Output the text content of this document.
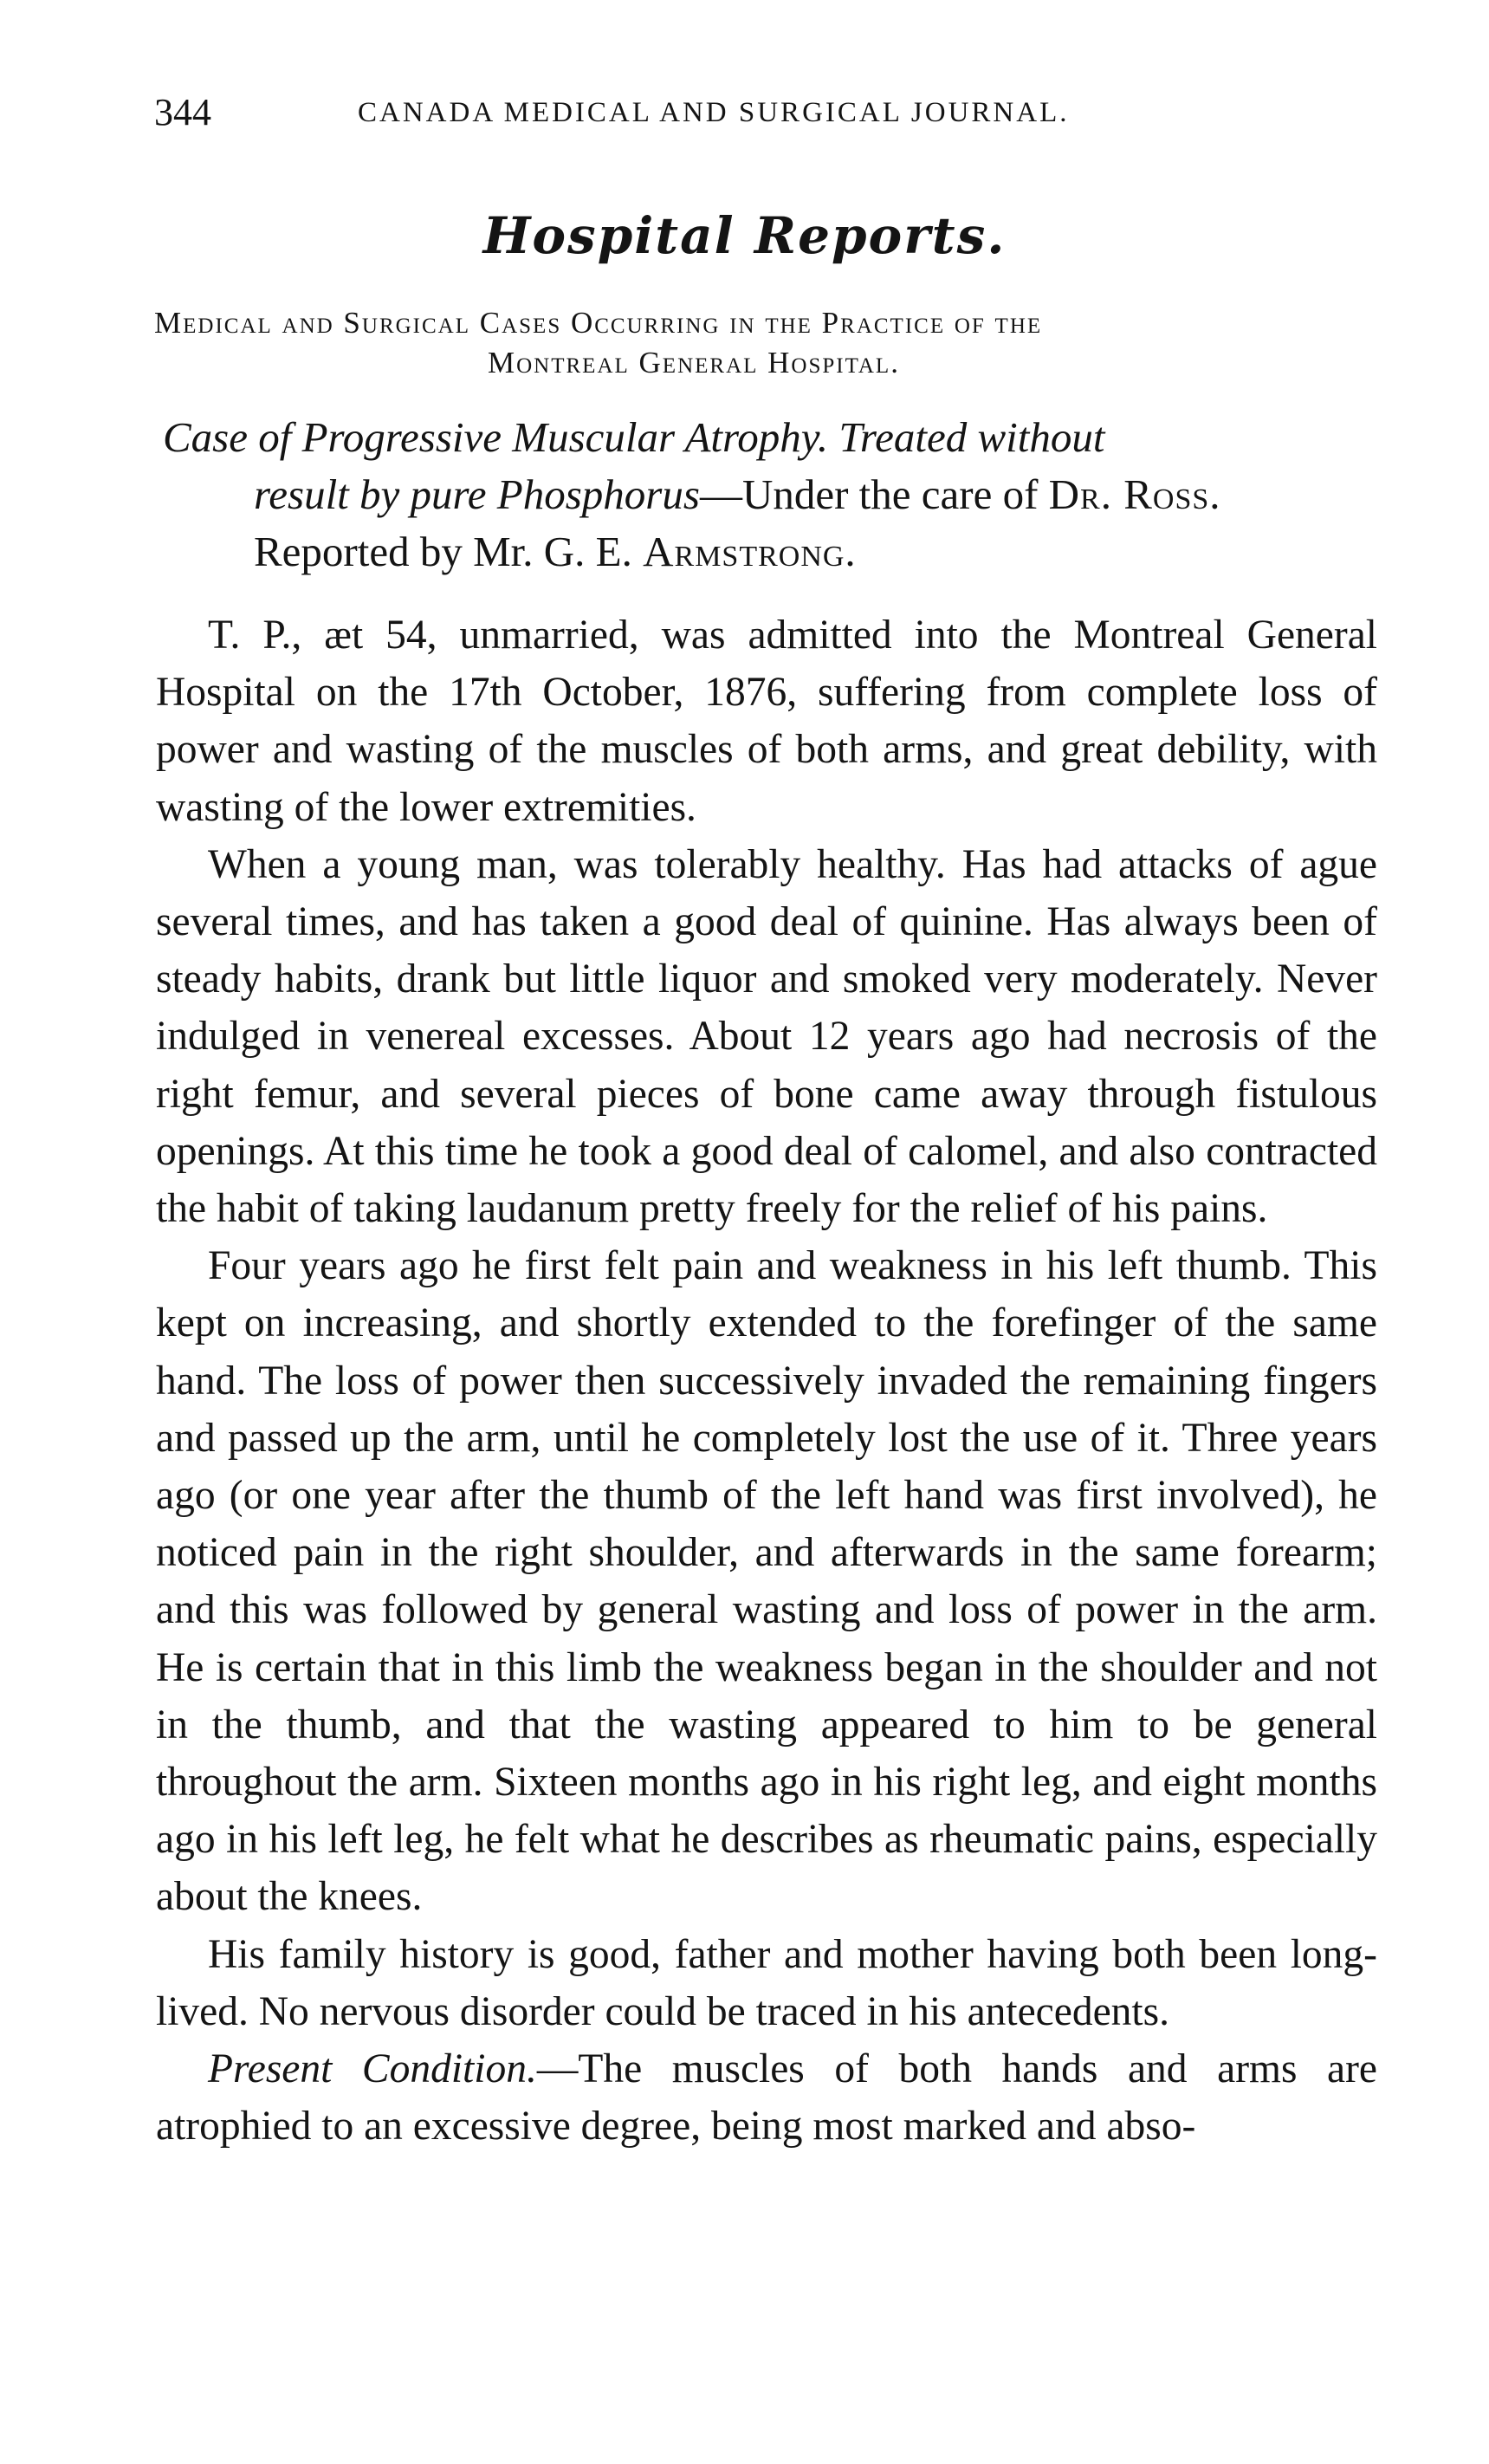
344	CANADA MEDICAL AND SURGICAL JOURNAL.
Hospital Reports.
Medical and Surgical Cases Occurring in the Practice of the
Montreal General Hospital.
Case of Progressive Muscular Atrophy. Treated without
result by pure Phosphorus—Under the care of Dr. Ross.
Reported by Mr. G. E. Armstrong.

T. P., æt 54, unmarried, was admitted into the Montreal General Hospital on the 17th October, 1876, suffering from complete loss of power and wasting of the muscles of both arms, and great debility, with wasting of the lower extremities.

When a young man, was tolerably healthy. Has had attacks of ague several times, and has taken a good deal of quinine. Has always been of steady habits, drank but little liquor and smoked very moderately. Never indulged in venereal excesses. About 12 years ago had necrosis of the right femur, and several pieces of bone came away through fistulous openings. At this time he took a good deal of calomel, and also contracted the habit of taking laudanum pretty freely for the relief of his pains.

Four years ago he first felt pain and weakness in his left thumb. This kept on increasing, and shortly extended to the forefinger of the same hand. The loss of power then successively invaded the remaining fingers and passed up the arm, until he completely lost the use of it. Three years ago (or one year after the thumb of the left hand was first involved), he noticed pain in the right shoulder, and afterwards in the same forearm; and this was followed by general wasting and loss of power in the arm. He is certain that in this limb the weakness began in the shoulder and not in the thumb, and that the wasting appeared to him to be general throughout the arm. Sixteen months ago in his right leg, and eight months ago in his left leg, he felt what he describes as rheumatic pains, especially about the knees.

His family history is good, father and mother having both been long-lived. No nervous disorder could be traced in his antecedents.

Present Condition.—The muscles of both hands and arms are atrophied to an excessive degree, being most marked and abso-
